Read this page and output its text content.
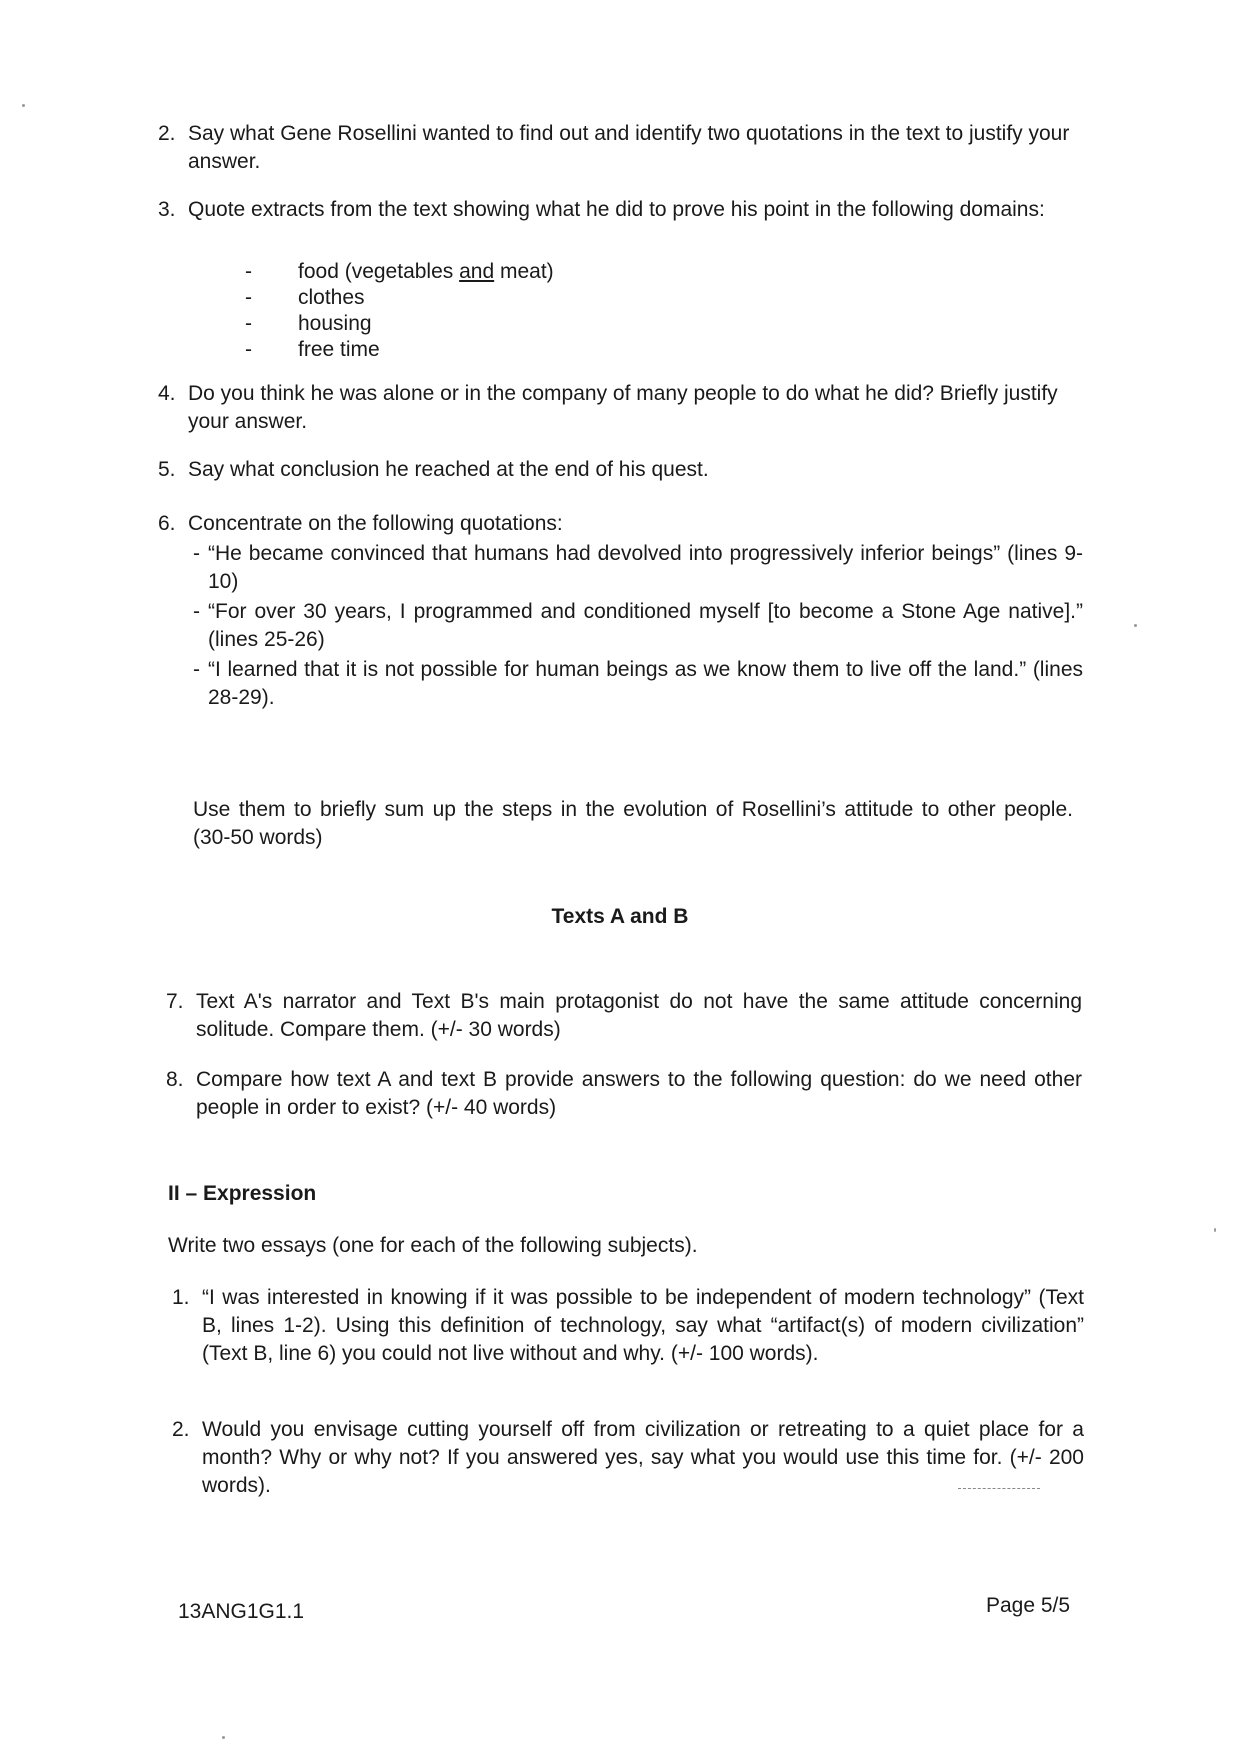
2. Say what Gene Rosellini wanted to find out and identify two quotations in the text to justify your answer.
3. Quote extracts from the text showing what he did to prove his point in the following domains:
- food (vegetables and meat)
- clothes
- housing
- free time
4. Do you think he was alone or in the company of many people to do what he did? Briefly justify your answer.
5. Say what conclusion he reached at the end of his quest.
6. Concentrate on the following quotations:
- “He became convinced that humans had devolved into progressively inferior beings” (lines 9-10)
- “For over 30 years, I programmed and conditioned myself [to become a Stone Age native].” (lines 25-26)
- “I learned that it is not possible for human beings as we know them to live off the land.” (lines 28-29).
Use them to briefly sum up the steps in the evolution of Rosellini’s attitude to other people. (30-50 words)
Texts A and B
7. Text A's narrator and Text B's main protagonist do not have the same attitude concerning solitude. Compare them. (+/- 30 words)
8. Compare how text A and text B provide answers to the following question: do we need other people in order to exist? (+/- 40 words)
II – Expression
Write two essays (one for each of the following subjects).
1. “I was interested in knowing if it was possible to be independent of modern technology” (Text B, lines 1-2). Using this definition of technology, say what “artifact(s) of modern civilization” (Text B, line 6) you could not live without and why. (+/- 100 words).
2. Would you envisage cutting yourself off from civilization or retreating to a quiet place for a month? Why or why not? If you answered yes, say what you would use this time for. (+/- 200 words).
13ANG1G1.1	Page 5/5
